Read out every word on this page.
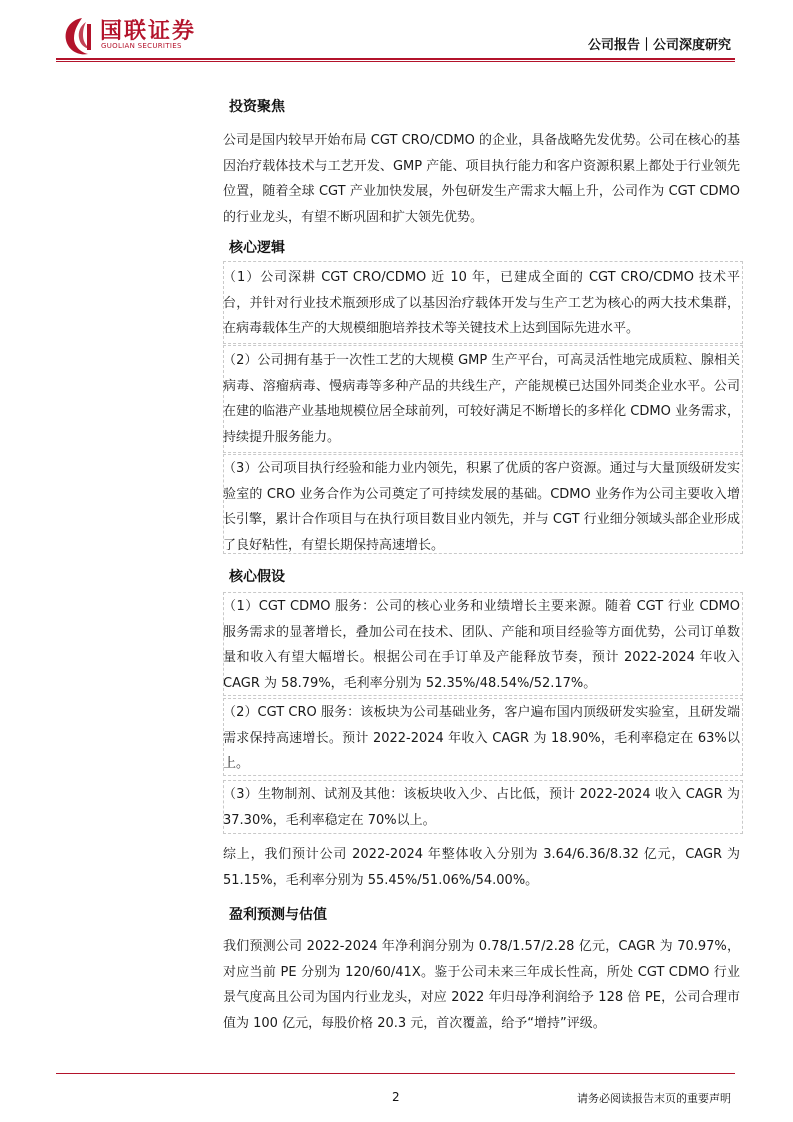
国联证券
GUOLIAN SECURITIES	公司报告｜公司深度研究
投资聚焦
公司是国内较早开始布局 CGT CRO/CDMO 的企业，具备战略先发优势。公司在核心的基因治疗载体技术与工艺开发、GMP 产能、项目执行能力和客户资源积累上都处于行业领先位置，随着全球 CGT 产业加快发展，外包研发生产需求大幅上升，公司作为 CGT CDMO 的行业龙头，有望不断巩固和扩大领先优势。
核心逻辑
（1）公司深耕 CGT CRO/CDMO 近 10 年，已建成全面的 CGT CRO/CDMO 技术平台，并针对行业技术瓶颈形成了以基因治疗载体开发与生产工艺为核心的两大技术集群，在病毒载体生产的大规模细胞培养技术等关键技术上达到国际先进水平。
（2）公司拥有基于一次性工艺的大规模 GMP 生产平台，可高灵活性地完成质粒、腺相关病毒、溶瘤病毒、慢病毒等多种产品的共线生产，产能规模已达国外同类企业水平。公司在建的临港产业基地规模位居全球前列，可较好满足不断增长的多样化 CDMO 业务需求，持续提升服务能力。
（3）公司项目执行经验和能力业内领先，积累了优质的客户资源。通过与大量顶级研发实验室的 CRO 业务合作为公司奠定了可持续发展的基础。CDMO 业务作为公司主要收入增长引擎，累计合作项目与在执行项目数目业内领先，并与 CGT 行业细分领域头部企业形成了良好粘性，有望长期保持高速增长。
核心假设
（1）CGT CDMO 服务：公司的核心业务和业绩增长主要来源。随着 CGT 行业 CDMO 服务需求的显著增长，叠加公司在技术、团队、产能和项目经验等方面优势，公司订单数量和收入有望大幅增长。根据公司在手订单及产能释放节奏，预计 2022-2024 年收入 CAGR 为 58.79%，毛利率分别为 52.35%/48.54%/52.17%。
（2）CGT CRO 服务：该板块为公司基础业务，客户遍布国内顶级研发实验室，且研发端需求保持高速增长。预计 2022-2024 年收入 CAGR 为 18.90%，毛利率稳定在 63%以上。
（3）生物制剂、试剂及其他：该板块收入少、占比低，预计 2022-2024 收入 CAGR 为 37.30%，毛利率稳定在 70%以上。
综上，我们预计公司 2022-2024 年整体收入分别为 3.64/6.36/8.32 亿元，CAGR 为 51.15%，毛利率分别为 55.45%/51.06%/54.00%。
盈利预测与估值
我们预测公司 2022-2024 年净利润分别为 0.78/1.57/2.28 亿元，CAGR 为 70.97%，对应当前 PE 分别为 120/60/41X。鉴于公司未来三年成长性高，所处 CGT CDMO 行业景气度高且公司为国内行业龙头，对应 2022 年归母净利润给予 128 倍 PE，公司合理市值为 100 亿元，每股价格 20.3 元，首次覆盖，给予“增持”评级。
2	请务必阅读报告末页的重要声明
